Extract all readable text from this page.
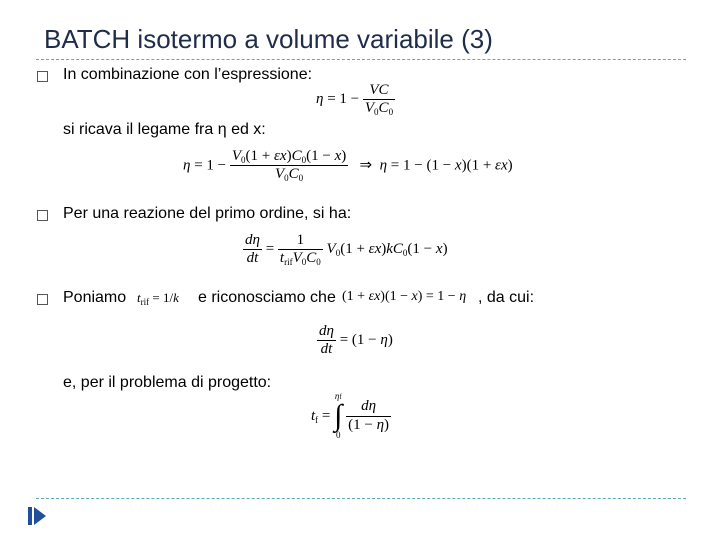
BATCH isotermo a volume variabile (3)
In combinazione con l’espressione:
$\eta = 1 - \frac{VC}{V_0C_0}$
si ricava il legame fra η ed x:
$\eta = 1 - \frac{V_0(1 + \varepsilon x)C_0(1 - x)}{V_0C_0}$ ⇒  η = 1 − (1 − x)(1 + εx)
Per una reazione del primo ordine, si ha:
$\frac{d\eta}{dt} = \frac{1}{t_{rif}V_0C_0} V_0(1 + \varepsilon x)kC_0(1 - x)$
Poniamo $t_{rif} = 1/k$ e riconosciamo che (1 + εx)(1 − x) = 1 − η , da cui:
$\frac{d\eta}{dt} = (1 - \eta)$
e, per il problema di progetto:
$t_f$ =
ηf
∫
0

$\frac{d\eta}{(1 - \eta)}$
